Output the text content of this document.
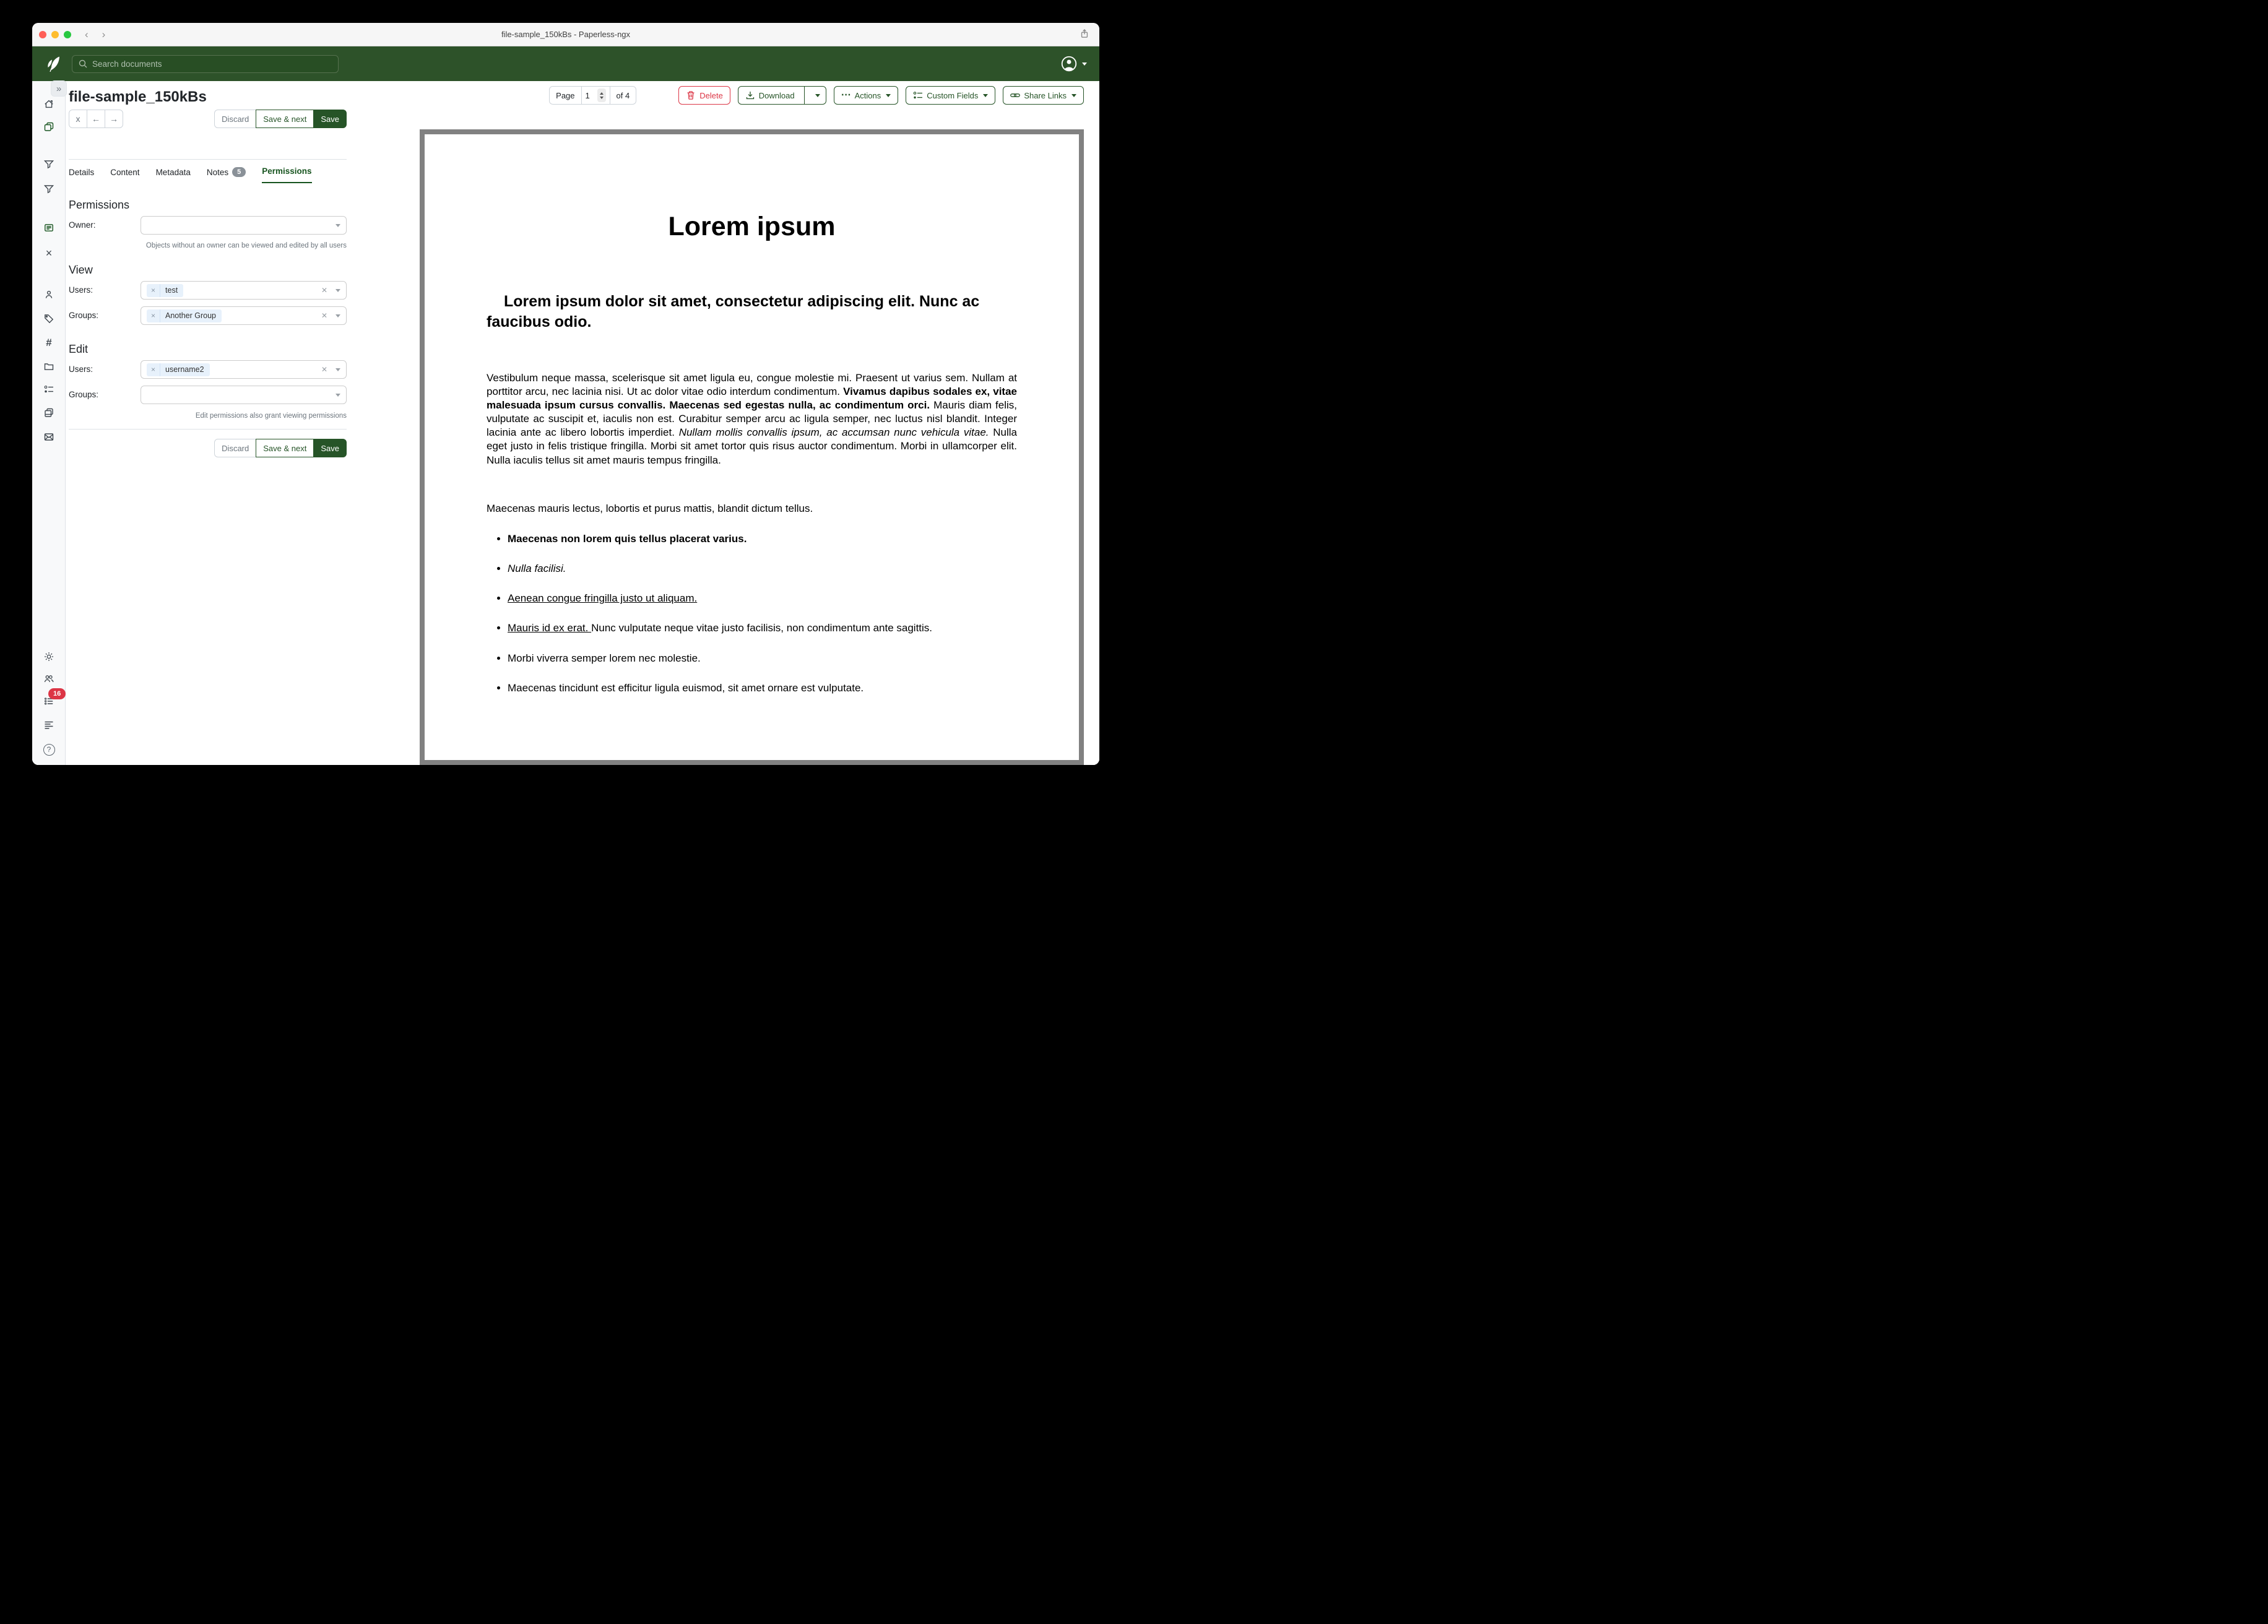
‹ ›	file-sample_150kBs - Paperless-ngx
Search documents
×
#
?
16
»
Page
1	of 4	Delete	Download	⋯ Actions	Custom Fields	Share Links
file-sample_150kBs
x ← →	Discard	Save & next	Save
Details Content Metadata Notes	5	Permissions
Permissions
Owner:
Objects without an owner can be viewed and edited by all users
View
Users:	×	test	✕
Groups:	×	Another Group	✕
Edit
Users:	×	username2	✕
Groups:
Edit permissions also grant viewing permissions
Discard	Save & next	Save
Lorem ipsum
Lorem ipsum dolor sit amet, consectetur adipiscing elit. Nunc ac faucibus odio.

Vestibulum neque massa, scelerisque sit amet ligula eu, congue molestie mi. Praesent ut varius sem. Nullam at porttitor arcu, nec lacinia nisi. Ut ac dolor vitae odio interdum condimentum. Vivamus dapibus sodales ex, vitae malesuada ipsum cursus convallis. Maecenas sed egestas nulla, ac condimentum orci. Mauris diam felis, vulputate ac suscipit et, iaculis non est. Curabitur semper arcu ac ligula semper, nec luctus nisl blandit. Integer lacinia ante ac libero lobortis imperdiet. Nullam mollis convallis ipsum, ac accumsan nunc vehicula vitae. Nulla eget justo in felis tristique fringilla. Morbi sit amet tortor quis risus auctor condimentum. Morbi in ullamcorper elit. Nulla iaculis tellus sit amet mauris tempus fringilla.

Maecenas mauris lectus, lobortis et purus mattis, blandit dictum tellus.

• Maecenas non lorem quis tellus placerat varius.
• Nulla facilisi.
• Aenean congue fringilla justo ut aliquam.
• Mauris id ex erat. Nunc vulputate neque vitae justo facilisis, non condimentum ante sagittis.
• Morbi viverra semper lorem nec molestie.
• Maecenas tincidunt est efficitur ligula euismod, sit amet ornare est vulputate.
